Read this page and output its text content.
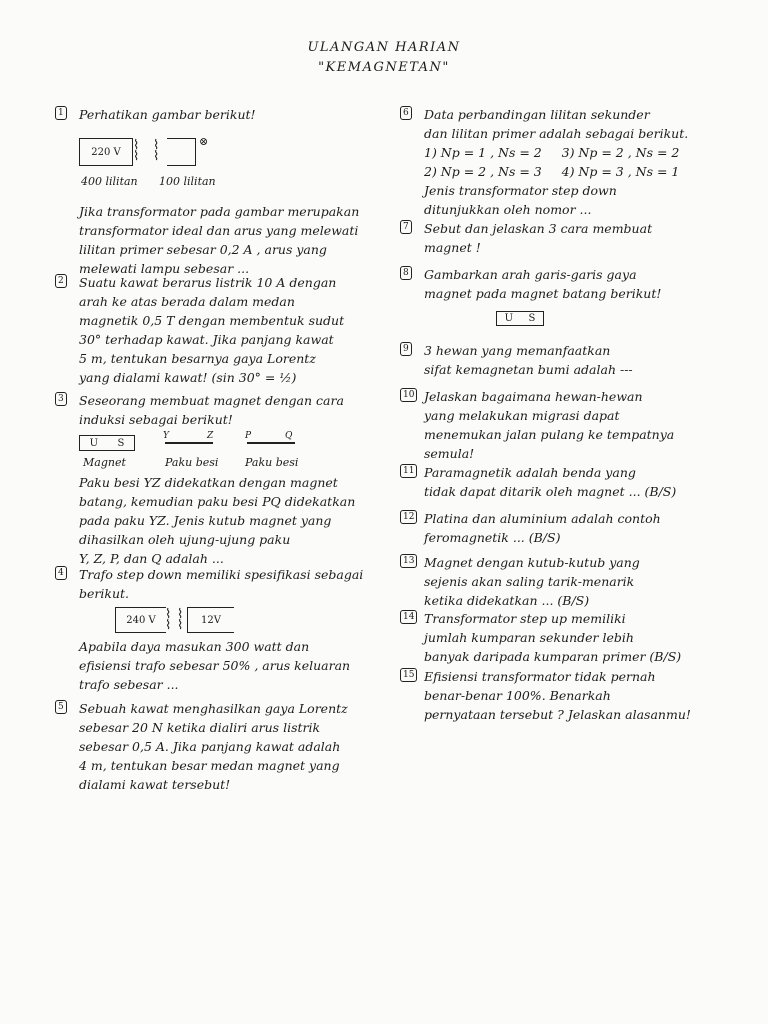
ULANGAN HARIAN
"KEMAGNETAN"
1	Perhatikan gambar berikut!
220 V ⌇
⌇
⌇
⌇
⊗
400 lilitan 100 lilitan
Jika transformator pada gambar merupakan
transformator ideal dan arus yang melewati
lilitan primer sebesar 0,2 A , arus yang
melewati lampu sebesar ...
2	Suatu kawat berarus listrik 10 A dengan
arah ke atas berada dalam medan
magnetik 0,5 T dengan membentuk sudut
30° terhadap kawat. Jika panjang kawat
5 m, tentukan besarnya gaya Lorentz
yang dialami kawat! (sin 30° = ½)
3	Seseorang membuat magnet dengan cara
induksi sebagai berikut!
U S
Y	Z	P	Q
Magnet	Paku besi Paku besi
Paku besi YZ didekatkan dengan magnet
batang, kemudian paku besi PQ didekatkan
pada paku YZ. Jenis kutub magnet yang
dihasilkan oleh ujung-ujung paku
Y, Z, P, dan Q adalah ...
4	Trafo step down memiliki spesifikasi sebagai
berikut.
240 V ⌇
⌇
⌇
⌇ 12V
Apabila daya masukan 300 watt dan
efisiensi trafo sebesar 50% , arus keluaran
trafo sebesar ...
5	Sebuah kawat menghasilkan gaya Lorentz
sebesar 20 N ketika dialiri arus listrik
sebesar 0,5 A. Jika panjang kawat adalah
4 m, tentukan besar medan magnet yang
dialami kawat tersebut!
6	Data perbandingan lilitan sekunder
dan lilitan primer adalah sebagai berikut.
1) Np = 1 , Ns = 2     3) Np = 2 , Ns = 2
2) Np = 2 , Ns = 3     4) Np = 3 , Ns = 1
Jenis transformator step down
ditunjukkan oleh nomor ...
7	Sebut dan jelaskan 3 cara membuat
magnet !
8	Gambarkan arah garis-garis gaya
magnet pada magnet batang berikut!
U S
9	3 hewan yang memanfaatkan
sifat kemagnetan bumi adalah ---
10 Jelaskan bagaimana hewan-hewan
yang melakukan migrasi dapat
menemukan jalan pulang ke tempatnya
semula!
11 Paramagnetik adalah benda yang
tidak dapat ditarik oleh magnet ... (B/S)
12 Platina dan aluminium adalah contoh
feromagnetik ... (B/S)
13 Magnet dengan kutub-kutub yang
sejenis akan saling tarik-menarik
ketika didekatkan ... (B/S)
14 Transformator step up memiliki
jumlah kumparan sekunder lebih
banyak daripada kumparan primer (B/S)
15 Efisiensi transformator tidak pernah
benar-benar 100%. Benarkah
pernyataan tersebut ? Jelaskan alasanmu!
